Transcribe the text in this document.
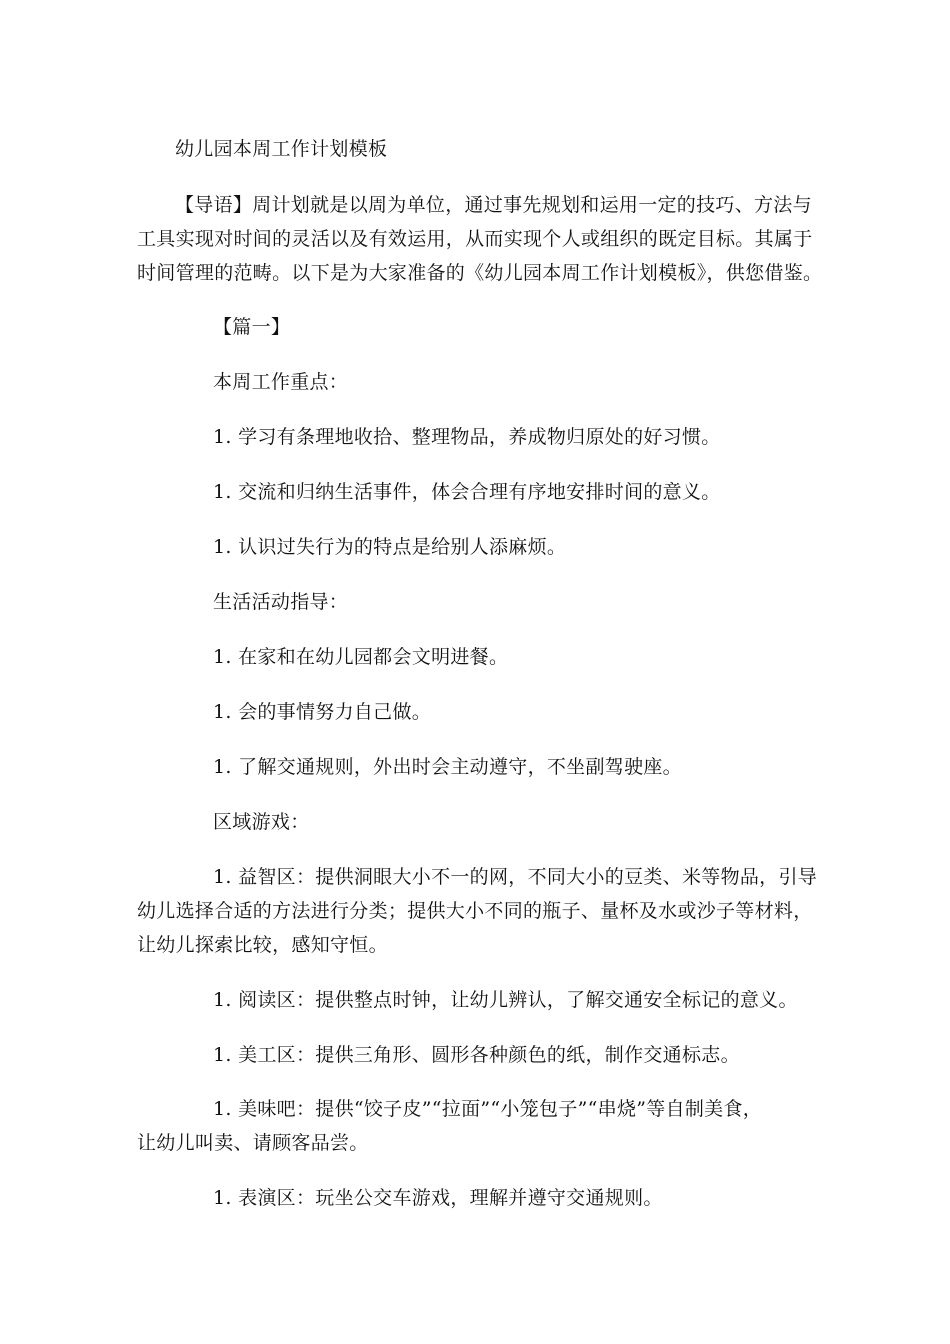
幼儿园本周工作计划模板
【导语】周计划就是以周为单位，通过事先规划和运用一定的技巧、方法与
工具实现对时间的灵活以及有效运用，从而实现个人或组织的既定目标。其属于
时间管理的范畴。以下是为大家准备的《幼儿园本周工作计划模板》，供您借鉴。
【篇一】
本周工作重点：
1. 学习有条理地收拾、整理物品，养成物归原处的好习惯。
1. 交流和归纳生活事件，体会合理有序地安排时间的意义。
1. 认识过失行为的特点是给别人添麻烦。
生活活动指导：
1. 在家和在幼儿园都会文明进餐。
1. 会的事情努力自己做。
1. 了解交通规则，外出时会主动遵守，不坐副驾驶座。
区域游戏：
1. 益智区：提供洞眼大小不一的网，不同大小的豆类、米等物品，引导
幼儿选择合适的方法进行分类；提供大小不同的瓶子、量杯及水或沙子等材料，
让幼儿探索比较，感知守恒。
1. 阅读区：提供整点时钟，让幼儿辨认，了解交通安全标记的意义。
1. 美工区：提供三角形、圆形各种颜色的纸，制作交通标志。
1. 美味吧：提供“饺子皮”“拉面”“小笼包子”“串烧”等自制美食，
让幼儿叫卖、请顾客品尝。
1. 表演区：玩坐公交车游戏，理解并遵守交通规则。
